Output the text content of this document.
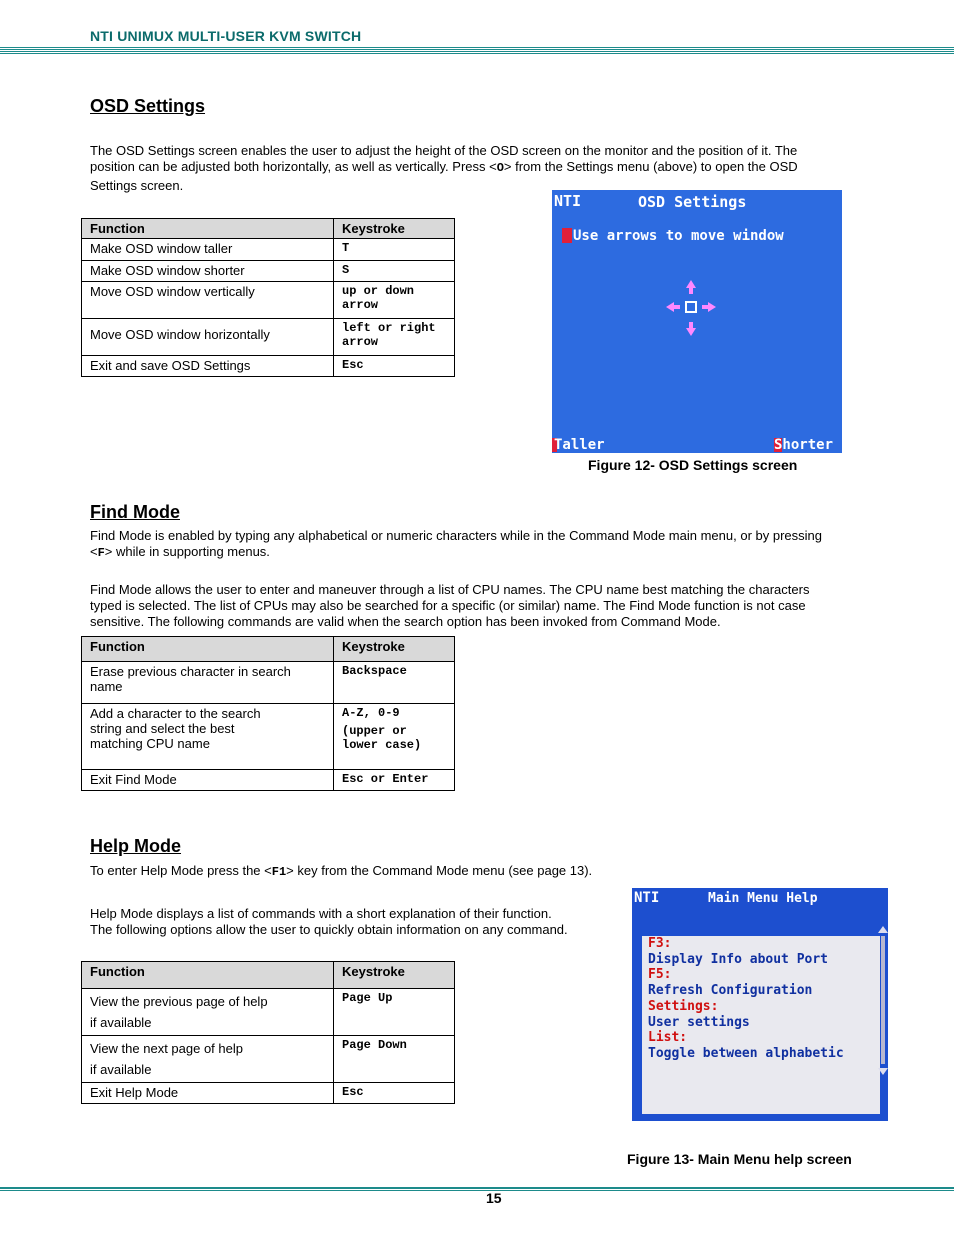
NTI UNIMUX MULTI-USER KVM SWITCH
OSD Settings

The OSD Settings screen enables the user to adjust the height of the OSD screen on the monitor and the position of it. The
position can be adjusted both horizontally, as well as vertically. Press <O> from the Settings menu (above) to open the OSD
Settings screen.

Function	Keystroke
Make OSD window taller	T
Make OSD window shorter	S
Move OSD window vertically	up or down arrow
Move OSD window horizontally	left or right arrow
Exit and save OSD Settings	Esc
NTI	OSD Settings
Use arrows to move window
Taller	Shorter
Figure 12- OSD Settings screen
Find Mode

Find Mode is enabled by typing any alphabetical or numeric characters while in the Command Mode main menu, or by pressing
<F> while in supporting menus.

Find Mode allows the user to enter and maneuver through a list of CPU names. The CPU name best matching the characters
typed is selected. The list of CPUs may also be searched for a specific (or similar) name. The Find Mode function is not case
sensitive. The following commands are valid when the search option has been invoked from Command Mode.

Function	Keystroke
Erase previous character in search name	Backspace
Add a character to the search string and select the best matching CPU name	A-Z, 0-9
(upper or lower case)

Exit Find Mode	Esc or Enter
Help Mode

To enter Help Mode press the <F1> key from the Command Mode menu (see page 13).

Help Mode displays a list of commands with a short explanation of their function.
The following options allow the user to quickly obtain information on any command.

Function	Keystroke
View the previous page of help
if available	Page Up
View the next page of help
if available	Page Down
Exit Help Mode	Esc
NTI	Main Menu Help
F3:
Display Info about Port
F5:
Refresh Configuration
Settings:
User settings
List:
Toggle between alphabetic
Figure 13- Main Menu help screen
15
